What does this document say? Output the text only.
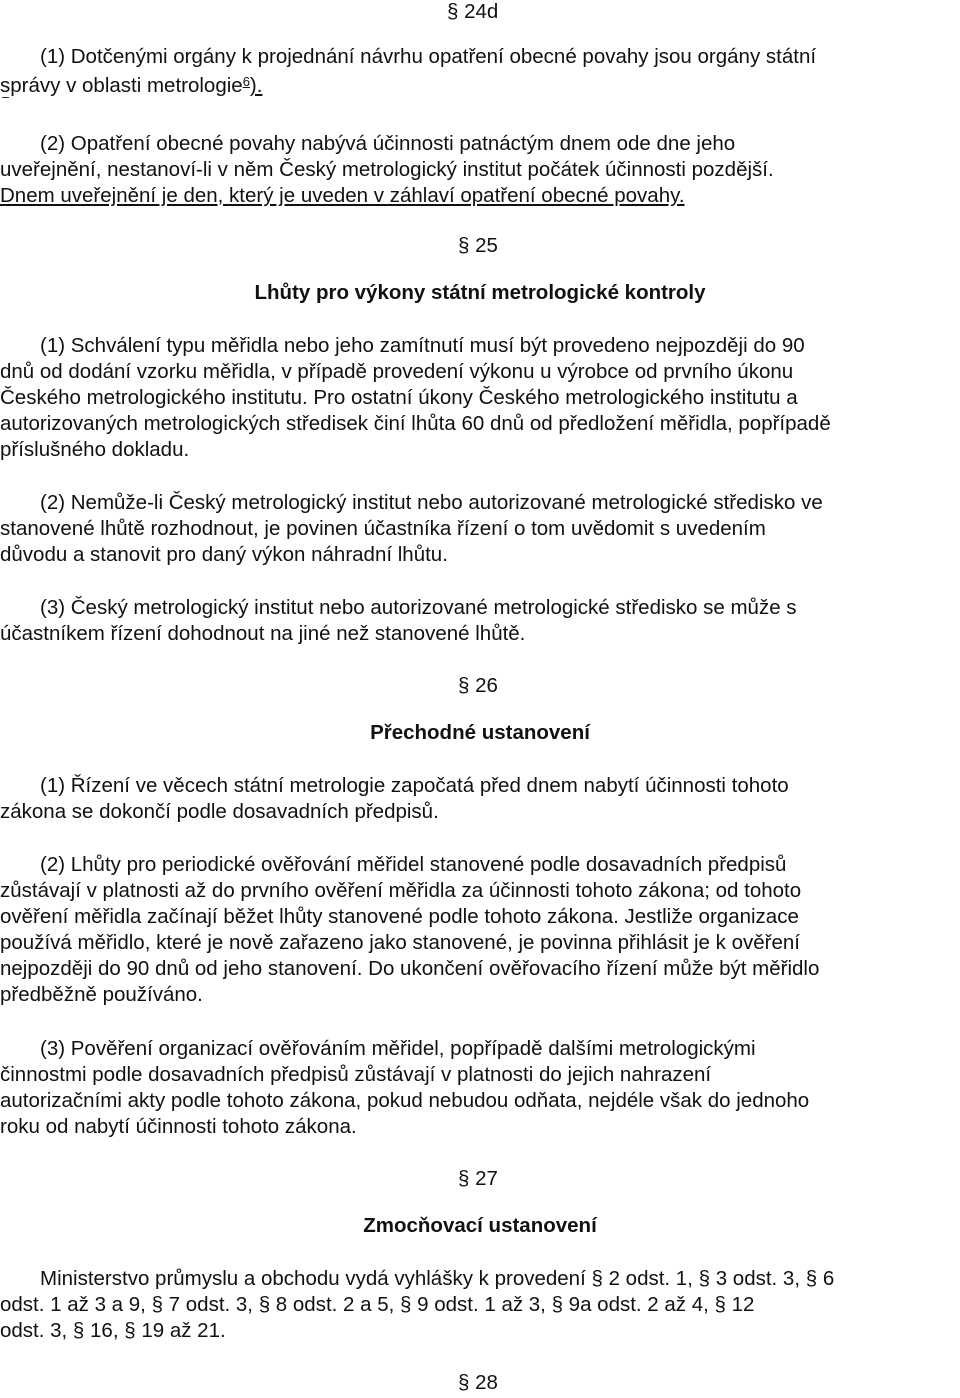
§ 24d
(1) Dotčenými orgány k projednání návrhu opatření obecné povahy jsou orgány státní
správy v oblasti metrologie$^6$).
(2) Opatření obecné povahy nabývá účinnosti patnáctým dnem ode dne jeho
uveřejnění, nestanoví-li v něm Český metrologický institut počátek účinnosti pozdější.
Dnem uveřejnění je den, který je uveden v záhlaví opatření obecné povahy.
§ 25
Lhůty pro výkony státní metrologické kontroly
(1) Schválení typu měřidla nebo jeho zamítnutí musí být provedeno nejpozději do 90
dnů od dodání vzorku měřidla, v případě provedení výkonu u výrobce od prvního úkonu
Českého metrologického institutu. Pro ostatní úkony Českého metrologického institutu a
autorizovaných metrologických středisek činí lhůta 60 dnů od předložení měřidla, popřípadě
příslušného dokladu.
(2) Nemůže-li Český metrologický institut nebo autorizované metrologické středisko ve
stanovené lhůtě rozhodnout, je povinen účastníka řízení o tom uvědomit s uvedením
důvodu a stanovit pro daný výkon náhradní lhůtu.
(3) Český metrologický institut nebo autorizované metrologické středisko se může s
účastníkem řízení dohodnout na jiné než stanovené lhůtě.
§ 26
Přechodné ustanovení
(1) Řízení ve věcech státní metrologie započatá před dnem nabytí účinnosti tohoto
zákona se dokončí podle dosavadních předpisů.
(2) Lhůty pro periodické ověřování měřidel stanovené podle dosavadních předpisů
zůstávají v platnosti až do prvního ověření měřidla za účinnosti tohoto zákona; od tohoto
ověření měřidla začínají běžet lhůty stanovené podle tohoto zákona. Jestliže organizace
používá měřidlo, které je nově zařazeno jako stanovené, je povinna přihlásit je k ověření
nejpozději do 90 dnů od jeho stanovení. Do ukončení ověřovacího řízení může být měřidlo
předběžně používáno.
(3) Pověření organizací ověřováním měřidel, popřípadě dalšími metrologickými
činnostmi podle dosavadních předpisů zůstávají v platnosti do jejich nahrazení
autorizačními akty podle tohoto zákona, pokud nebudou odňata, nejdéle však do jednoho
roku od nabytí účinnosti tohoto zákona.
§ 27
Zmocňovací ustanovení
Ministerstvo průmyslu a obchodu vydá vyhlášky k provedení § 2 odst. 1, § 3 odst. 3, § 6
odst. 1 až 3 a 9, § 7 odst. 3, § 8 odst. 2 a 5, § 9 odst. 1 až 3, § 9a odst. 2 až 4, § 12
odst. 3, § 16, § 19 až 21.
§ 28
